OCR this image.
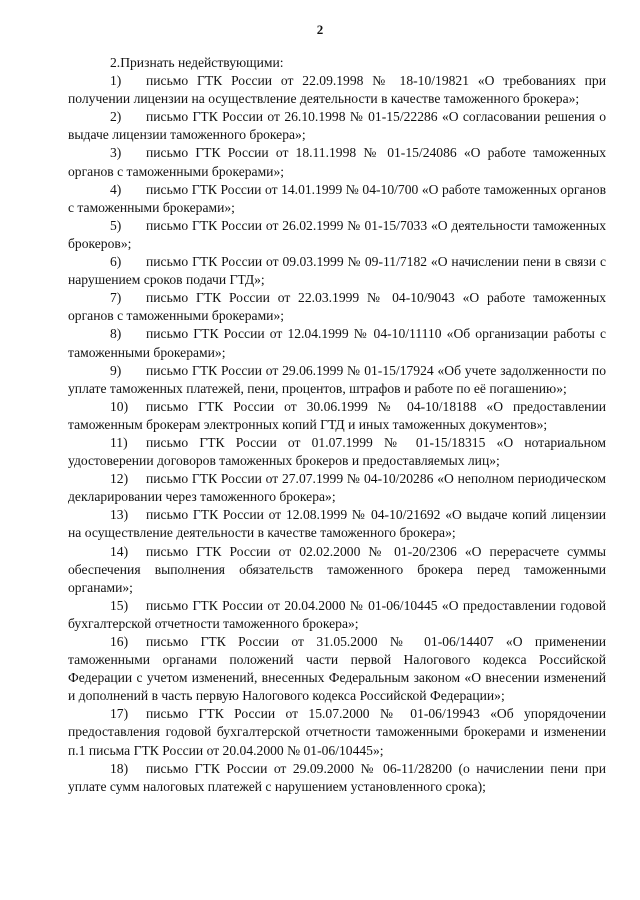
2
2.Признать недействующими:
1) письмо ГТК России от 22.09.1998 № 18-10/19821 «О требованиях при получении лицензии на осуществление деятельности в качестве таможенного брокера»;
2) письмо ГТК России от 26.10.1998 № 01-15/22286 «О согласовании решения о выдаче лицензии таможенного брокера»;
3) письмо ГТК России от 18.11.1998 № 01-15/24086 «О работе таможенных органов с таможенными брокерами»;
4) письмо ГТК России от 14.01.1999 № 04-10/700 «О работе таможенных органов с таможенными брокерами»;
5) письмо ГТК России от 26.02.1999 № 01-15/7033 «О деятельности таможенных брокеров»;
6) письмо ГТК России от 09.03.1999 № 09-11/7182 «О начислении пени в связи с нарушением сроков подачи ГТД»;
7) письмо ГТК России от 22.03.1999 № 04-10/9043 «О работе таможенных органов с таможенными брокерами»;
8) письмо ГТК России от 12.04.1999 № 04-10/11110 «Об организации работы с таможенными брокерами»;
9) письмо ГТК России от 29.06.1999 № 01-15/17924 «Об учете задолженности по уплате таможенных платежей, пени, процентов, штрафов и работе по её погашению»;
10) письмо ГТК России от 30.06.1999 № 04-10/18188 «О предоставлении таможенным брокерам электронных копий ГТД и иных таможенных документов»;
11) письмо ГТК России от 01.07.1999 № 01-15/18315 «О нотариальном удостоверении договоров таможенных брокеров и предоставляемых лиц»;
12) письмо ГТК России от 27.07.1999 № 04-10/20286 «О неполном периодическом декларировании через таможенного брокера»;
13) письмо ГТК России от 12.08.1999 № 04-10/21692 «О выдаче копий лицензии на осуществление деятельности в качестве таможенного брокера»;
14) письмо ГТК России от 02.02.2000 № 01-20/2306 «О перерасчете суммы обеспечения выполнения обязательств таможенного брокера перед таможенными органами»;
15) письмо ГТК России от 20.04.2000 № 01-06/10445 «О предоставлении годовой бухгалтерской отчетности таможенного брокера»;
16) письмо ГТК России от 31.05.2000 № 01-06/14407 «О применении таможенными органами положений части первой Налогового кодекса Российской Федерации с учетом изменений, внесенных Федеральным законом «О внесении изменений и дополнений в часть первую Налогового кодекса Российской Федерации»;
17) письмо ГТК России от 15.07.2000 № 01-06/19943 «Об упорядочении предоставления годовой бухгалтерской отчетности таможенными брокерами и изменении п.1 письма ГТК России от 20.04.2000 № 01-06/10445»;
18) письмо ГТК России от 29.09.2000 № 06-11/28200 (о начислении пени при уплате сумм налоговых платежей с нарушением установленного срока);
